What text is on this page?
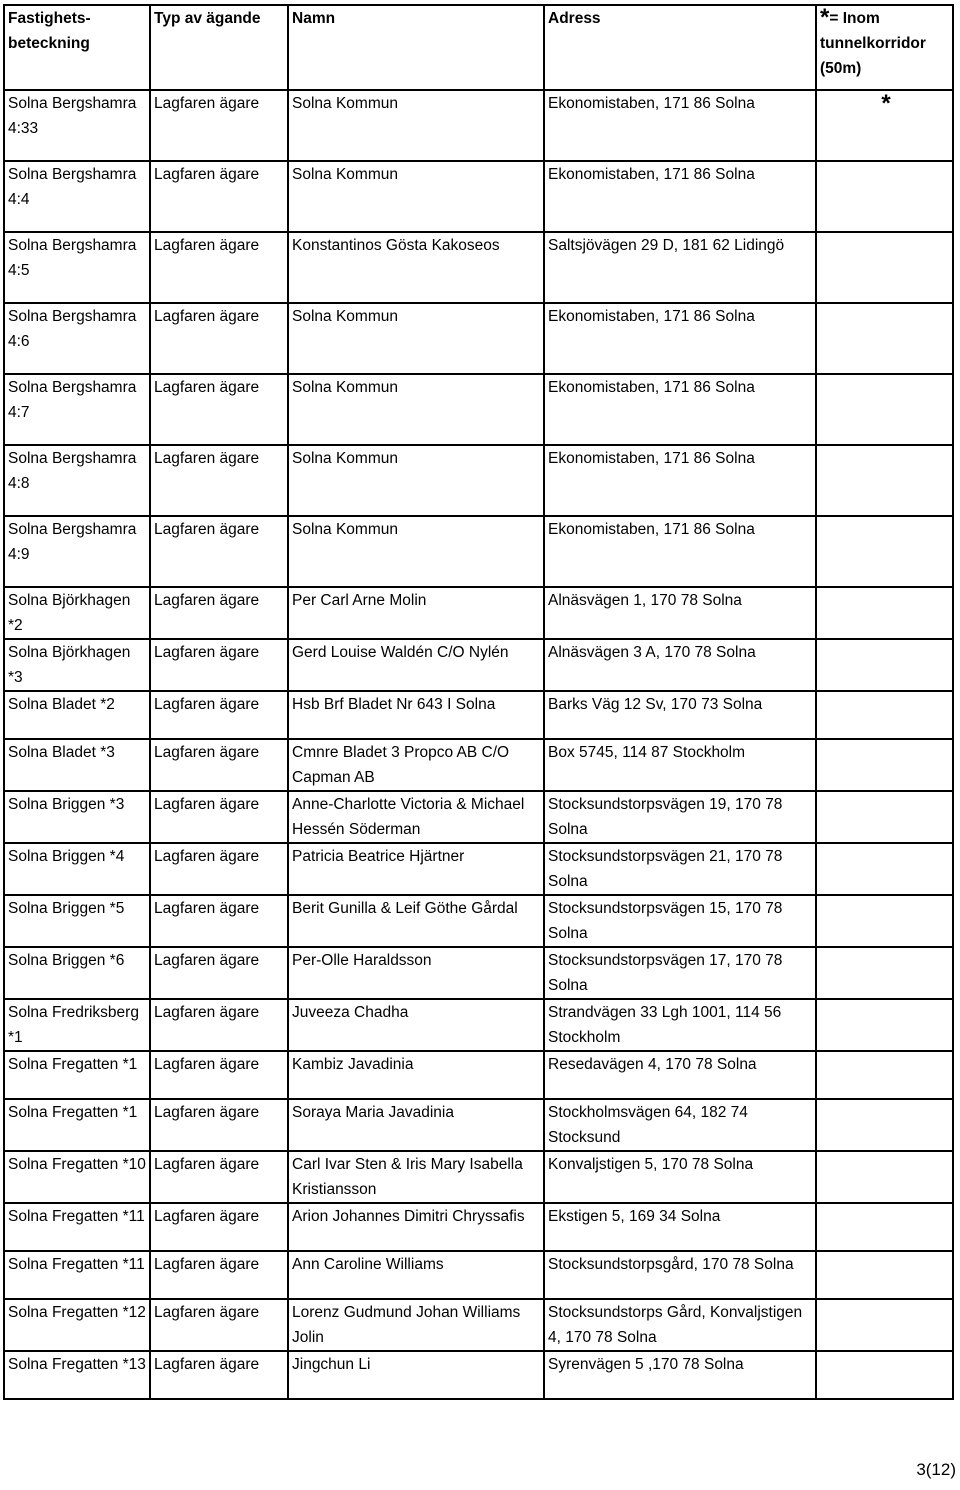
Fastighets-beteckning	Typ av ägande	Namn	Adress	*= Inom tunnelkorridor (50m)
Solna Bergshamra 4:33	Lagfaren ägare	Solna Kommun	Ekonomistaben, 171 86 Solna	*
Solna Bergshamra 4:4	Lagfaren ägare	Solna Kommun	Ekonomistaben, 171 86 Solna	
Solna Bergshamra 4:5	Lagfaren ägare	Konstantinos Gösta Kakoseos	Saltsjövägen 29 D, 181 62 Lidingö	
Solna Bergshamra 4:6	Lagfaren ägare	Solna Kommun	Ekonomistaben, 171 86 Solna	
Solna Bergshamra 4:7	Lagfaren ägare	Solna Kommun	Ekonomistaben, 171 86 Solna	
Solna Bergshamra 4:8	Lagfaren ägare	Solna Kommun	Ekonomistaben, 171 86 Solna	
Solna Bergshamra 4:9	Lagfaren ägare	Solna Kommun	Ekonomistaben, 171 86 Solna	
Solna Björkhagen *2	Lagfaren ägare	Per Carl Arne Molin	Alnäsvägen 1, 170 78 Solna	
Solna Björkhagen *3	Lagfaren ägare	Gerd Louise Waldén C/O Nylén	Alnäsvägen 3 A, 170 78 Solna	
Solna Bladet *2	Lagfaren ägare	Hsb Brf Bladet Nr 643 I Solna	Barks Väg 12 Sv, 170 73 Solna	
Solna Bladet *3	Lagfaren ägare	Cmnre Bladet 3 Propco AB C/O Capman AB	Box 5745, 114 87 Stockholm	
Solna Briggen *3	Lagfaren ägare	Anne-Charlotte Victoria & Michael Hessén Söderman	Stocksundstorpsvägen 19, 170 78 Solna	
Solna Briggen *4	Lagfaren ägare	Patricia Beatrice Hjärtner	Stocksundstorpsvägen 21, 170 78 Solna	
Solna Briggen *5	Lagfaren ägare	Berit Gunilla & Leif Göthe Gårdal	Stocksundstorpsvägen 15, 170 78 Solna	
Solna Briggen *6	Lagfaren ägare	Per-Olle Haraldsson	Stocksundstorpsvägen 17, 170 78 Solna	
Solna Fredriksberg *1	Lagfaren ägare	Juveeza Chadha	Strandvägen 33 Lgh 1001, 114 56 Stockholm	
Solna Fregatten *1	Lagfaren ägare	Kambiz Javadinia	Resedavägen 4, 170 78 Solna	
Solna Fregatten *1	Lagfaren ägare	Soraya Maria Javadinia	Stockholmsvägen 64, 182 74 Stocksund	
Solna Fregatten *10	Lagfaren ägare	Carl Ivar Sten & Iris Mary Isabella Kristiansson	Konvaljstigen 5, 170 78 Solna	
Solna Fregatten *11	Lagfaren ägare	Arion Johannes Dimitri Chryssafis	Ekstigen 5, 169 34 Solna	
Solna Fregatten *11	Lagfaren ägare	Ann Caroline Williams	Stocksundstorpsgård, 170 78 Solna	
Solna Fregatten *12	Lagfaren ägare	Lorenz Gudmund Johan Williams Jolin	Stocksundstorps Gård, Konvaljstigen 4, 170 78 Solna	
Solna Fregatten *13	Lagfaren ägare	Jingchun Li	Syrenvägen 5 ,170 78 Solna	
3(12)
